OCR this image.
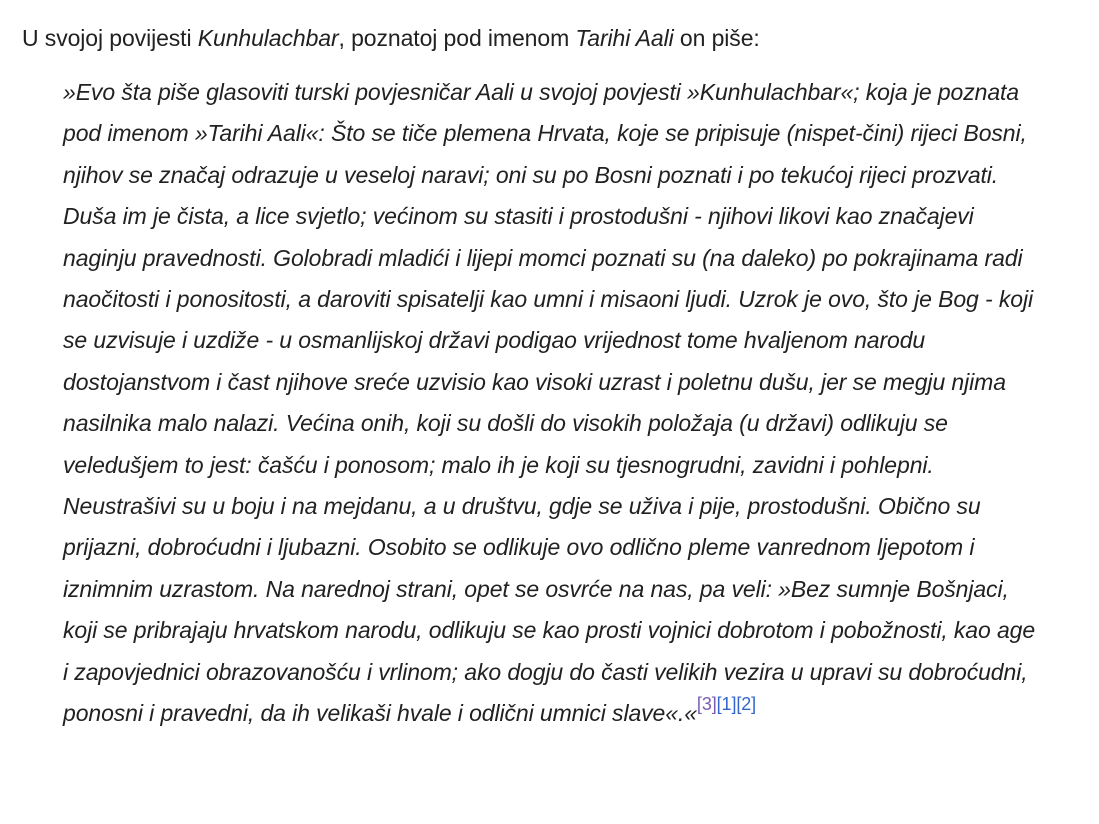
U svojoj povijesti Kunhulachbar, poznatoj pod imenom Tarihi Aali on piše:

»Evo šta piše glasoviti turski povjesničar Aali u svojoj povjesti »Kunhulachbar«; koja je poznata pod imenom »Tarihi Aali«: Što se tiče plemena Hrvata, koje se pripisuje (nispet-čini) rijeci Bosni, njihov se značaj odrazuje u veseloj naravi; oni su po Bosni poznati i po tekućoj rijeci prozvati. Duša im je čista, a lice svjetlo; većinom su stasiti i prostodušni - njihovi likovi kao značajevi naginju pravednosti. Golobradi mladići i lijepi momci poznati su (na daleko) po pokrajinama radi naočitosti i ponositosti, a daroviti spisatelji kao umni i misaoni ljudi. Uzrok je ovo, što je Bog - koji se uzvisuje i uzdiže - u osmanlijskoj državi podigao vrijednost tome hvaljenom narodu dostojanstvom i čast njihove sreće uzvisio kao visoki uzrast i poletnu dušu, jer se megju njima nasilnika malo nalazi. Većina onih, koji su došli do visokih položaja (u državi) odlikuju se veledušjem to jest: čašću i ponosom; malo ih je koji su tjesnogrudni, zavidni i pohlepni. Neustrašivi su u boju i na mejdanu, a u društvu, gdje se uživa i pije, prostodušni. Obično su prijazni, dobroćudni i ljubazni. Osobito se odlikuje ovo odlično pleme vanrednom ljepotom i iznimnim uzrastom. Na narednoj strani, opet se osvrće na nas, pa veli: »Bez sumnje Bošnjaci, koji se pribrajaju hrvatskom narodu, odlikuju se kao prosti vojnici dobrotom i pobožnosti, kao age i zapovjednici obrazovanošću i vrlinom; ako dogju do časti velikih vezira u upravi su dobroćudni, ponosni i pravedni, da ih velikaši hvale i odlični umnici slave«.«[3][1][2]
